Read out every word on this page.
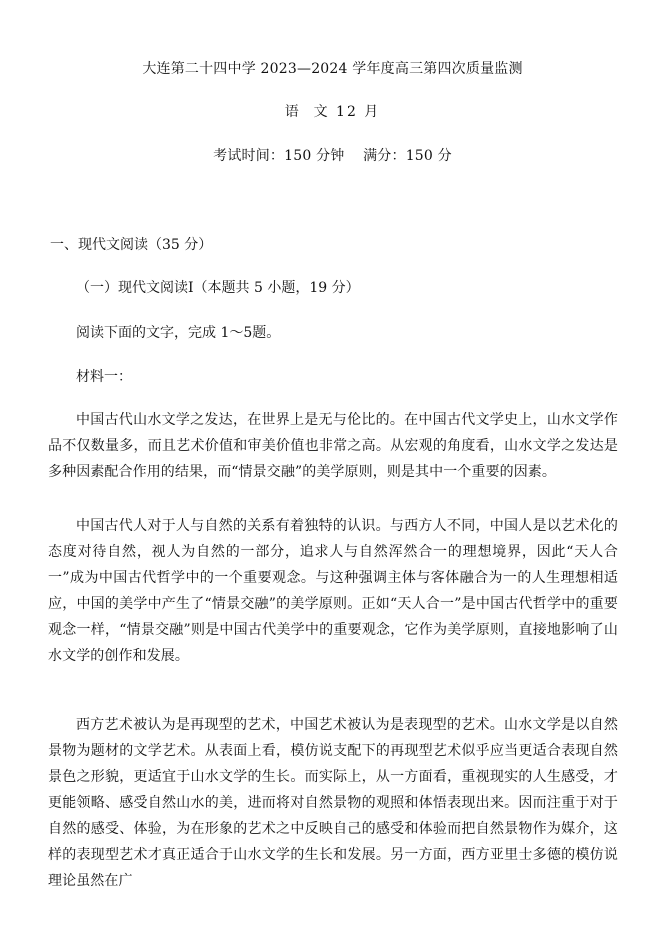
大连第二十四中学 2023—2024 学年度高三第四次质量监测
语  文 12 月
考试时间：150 分钟    满分：150 分
一、现代文阅读（35 分）
（一）现代文阅读Ⅰ（本题共 5 小题，19 分）
阅读下面的文字，完成 1～5题。
材料一：
中国古代山水文学之发达，在世界上是无与伦比的。在中国古代文学史上，山水文学作品不仅数量多，而且艺术价值和审美价值也非常之高。从宏观的角度看，山水文学之发达是多种因素配合作用的结果，而“情景交融”的美学原则，则是其中一个重要的因素。
中国古代人对于人与自然的关系有着独特的认识。与西方人不同，中国人是以艺术化的态度对待自然，视人为自然的一部分，追求人与自然浑然合一的理想境界，因此“天人合一”成为中国古代哲学中的一个重要观念。与这种强调主体与客体融合为一的人生理想相适应，中国的美学中产生了“情景交融”的美学原则。正如“天人合一”是中国古代哲学中的重要观念一样，“情景交融”则是中国古代美学中的重要观念，它作为美学原则，直接地影响了山水文学的创作和发展。
西方艺术被认为是再现型的艺术，中国艺术被认为是表现型的艺术。山水文学是以自然景物为题材的文学艺术。从表面上看，模仿说支配下的再现型艺术似乎应当更适合表现自然景色之形貌，更适宜于山水文学的生长。而实际上，从一方面看，重视现实的人生感受，才更能领略、感受自然山水的美，进而将对自然景物的观照和体悟表现出来。因而注重于对于自然的感受、体验，为在形象的艺术之中反映自己的感受和体验而把自然景物作为媒介，这样的表现型艺术才真正适合于山水文学的生长和发展。另一方面，西方亚里士多德的模仿说理论虽然在广
